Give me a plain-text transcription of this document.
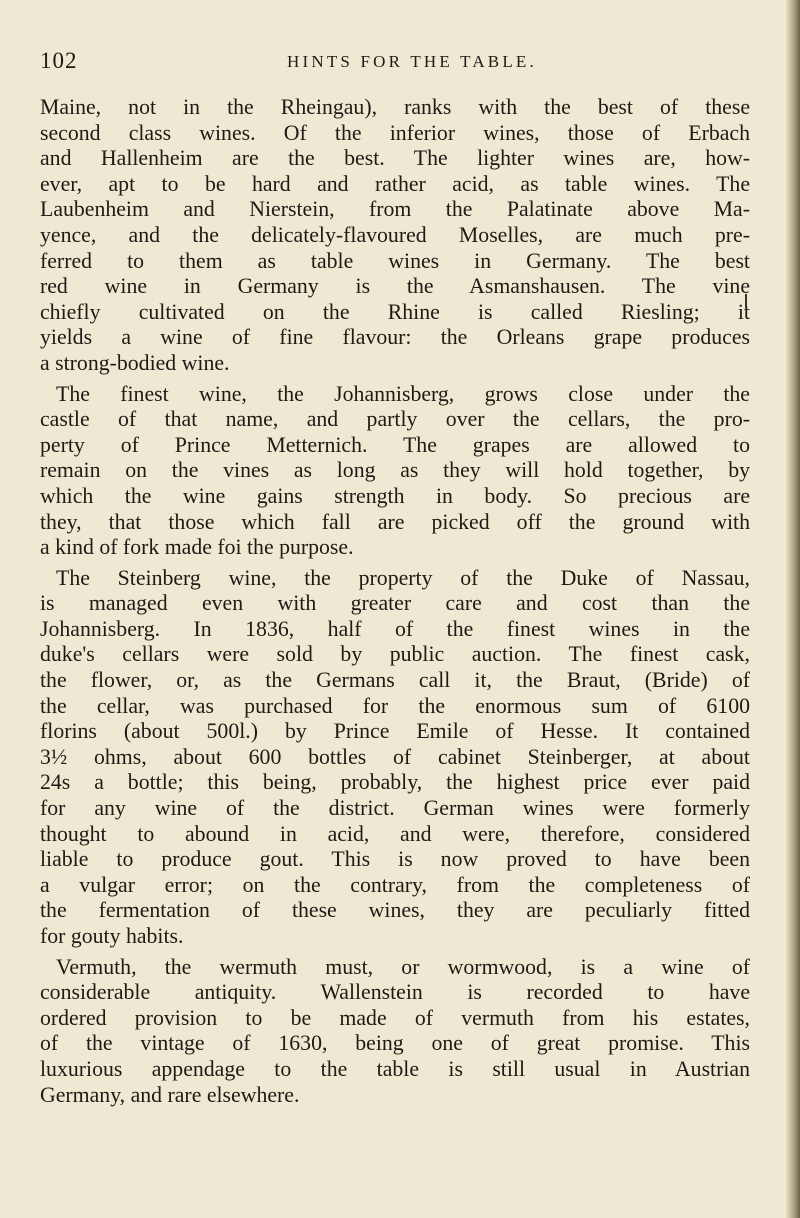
102	HINTS FOR THE TABLE.
Maine, not in the Rheingau), ranks with the best of these
second class wines. Of the inferior wines, those of Erbach
and Hallenheim are the best. The lighter wines are, how-
ever, apt to be hard and rather acid, as table wines. The
Laubenheim and Nierstein, from the Palatinate above Ma-
yence, and the delicately-flavoured Moselles, are much pre-
ferred to them as table wines in Germany. The best
red wine in Germany is the Asmanshausen. The vine
chiefly cultivated on the Rhine is called Riesling; it
yields a wine of fine flavour: the Orleans grape produces
a strong-bodied wine.
The finest wine, the Johannisberg, grows close under the
castle of that name, and partly over the cellars, the pro-
perty of Prince Metternich. The grapes are allowed to
remain on the vines as long as they will hold together, by
which the wine gains strength in body. So precious are
they, that those which fall are picked off the ground with
a kind of fork made foi the purpose.
The Steinberg wine, the property of the Duke of Nassau,
is managed even with greater care and cost than the
Johannisberg. In 1836, half of the finest wines in the
duke's cellars were sold by public auction. The finest cask,
the flower, or, as the Germans call it, the Braut, (Bride) of
the cellar, was purchased for the enormous sum of 6100
florins (about 500l.) by Prince Emile of Hesse. It contained
3½ ohms, about 600 bottles of cabinet Steinberger, at about
24s a bottle; this being, probably, the highest price ever paid
for any wine of the district. German wines were formerly
thought to abound in acid, and were, therefore, considered
liable to produce gout. This is now proved to have been
a vulgar error; on the contrary, from the completeness of
the fermentation of these wines, they are peculiarly fitted
for gouty habits.
Vermuth, the wermuth must, or wormwood, is a wine of
considerable antiquity. Wallenstein is recorded to have
ordered provision to be made of vermuth from his estates,
of the vintage of 1630, being one of great promise. This
luxurious appendage to the table is still usual in Austrian
Germany, and rare elsewhere.
